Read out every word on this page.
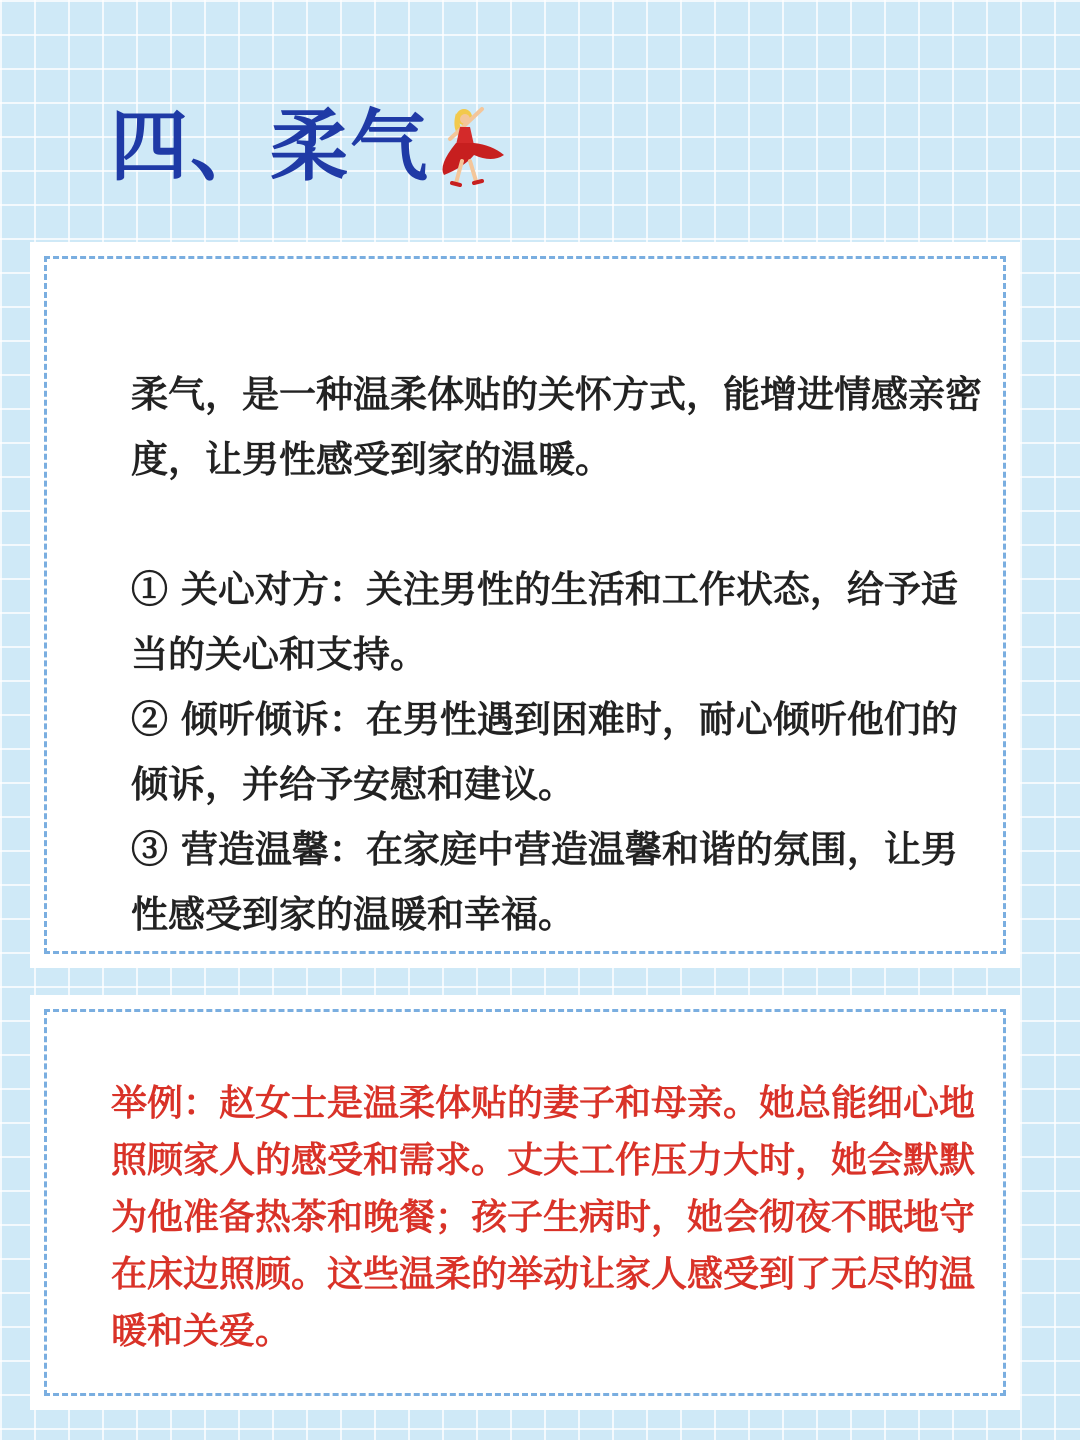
四、柔气

柔气，是一种温柔体贴的关怀方式，能增进情感亲密度，让男性感受到家的温暖。

① 关心对方：关注男性的生活和工作状态，给予适当的关心和支持。

② 倾听倾诉：在男性遇到困难时，耐心倾听他们的倾诉，并给予安慰和建议。

③ 营造温馨：在家庭中营造温馨和谐的氛围，让男性感受到家的温暖和幸福。

举例：赵女士是温柔体贴的妻子和母亲。她总能细心地照顾家人的感受和需求。丈夫工作压力大时，她会默默为他准备热茶和晚餐；孩子生病时，她会彻夜不眠地守在床边照顾。这些温柔的举动让家人感受到了无尽的温暖和关爱。
